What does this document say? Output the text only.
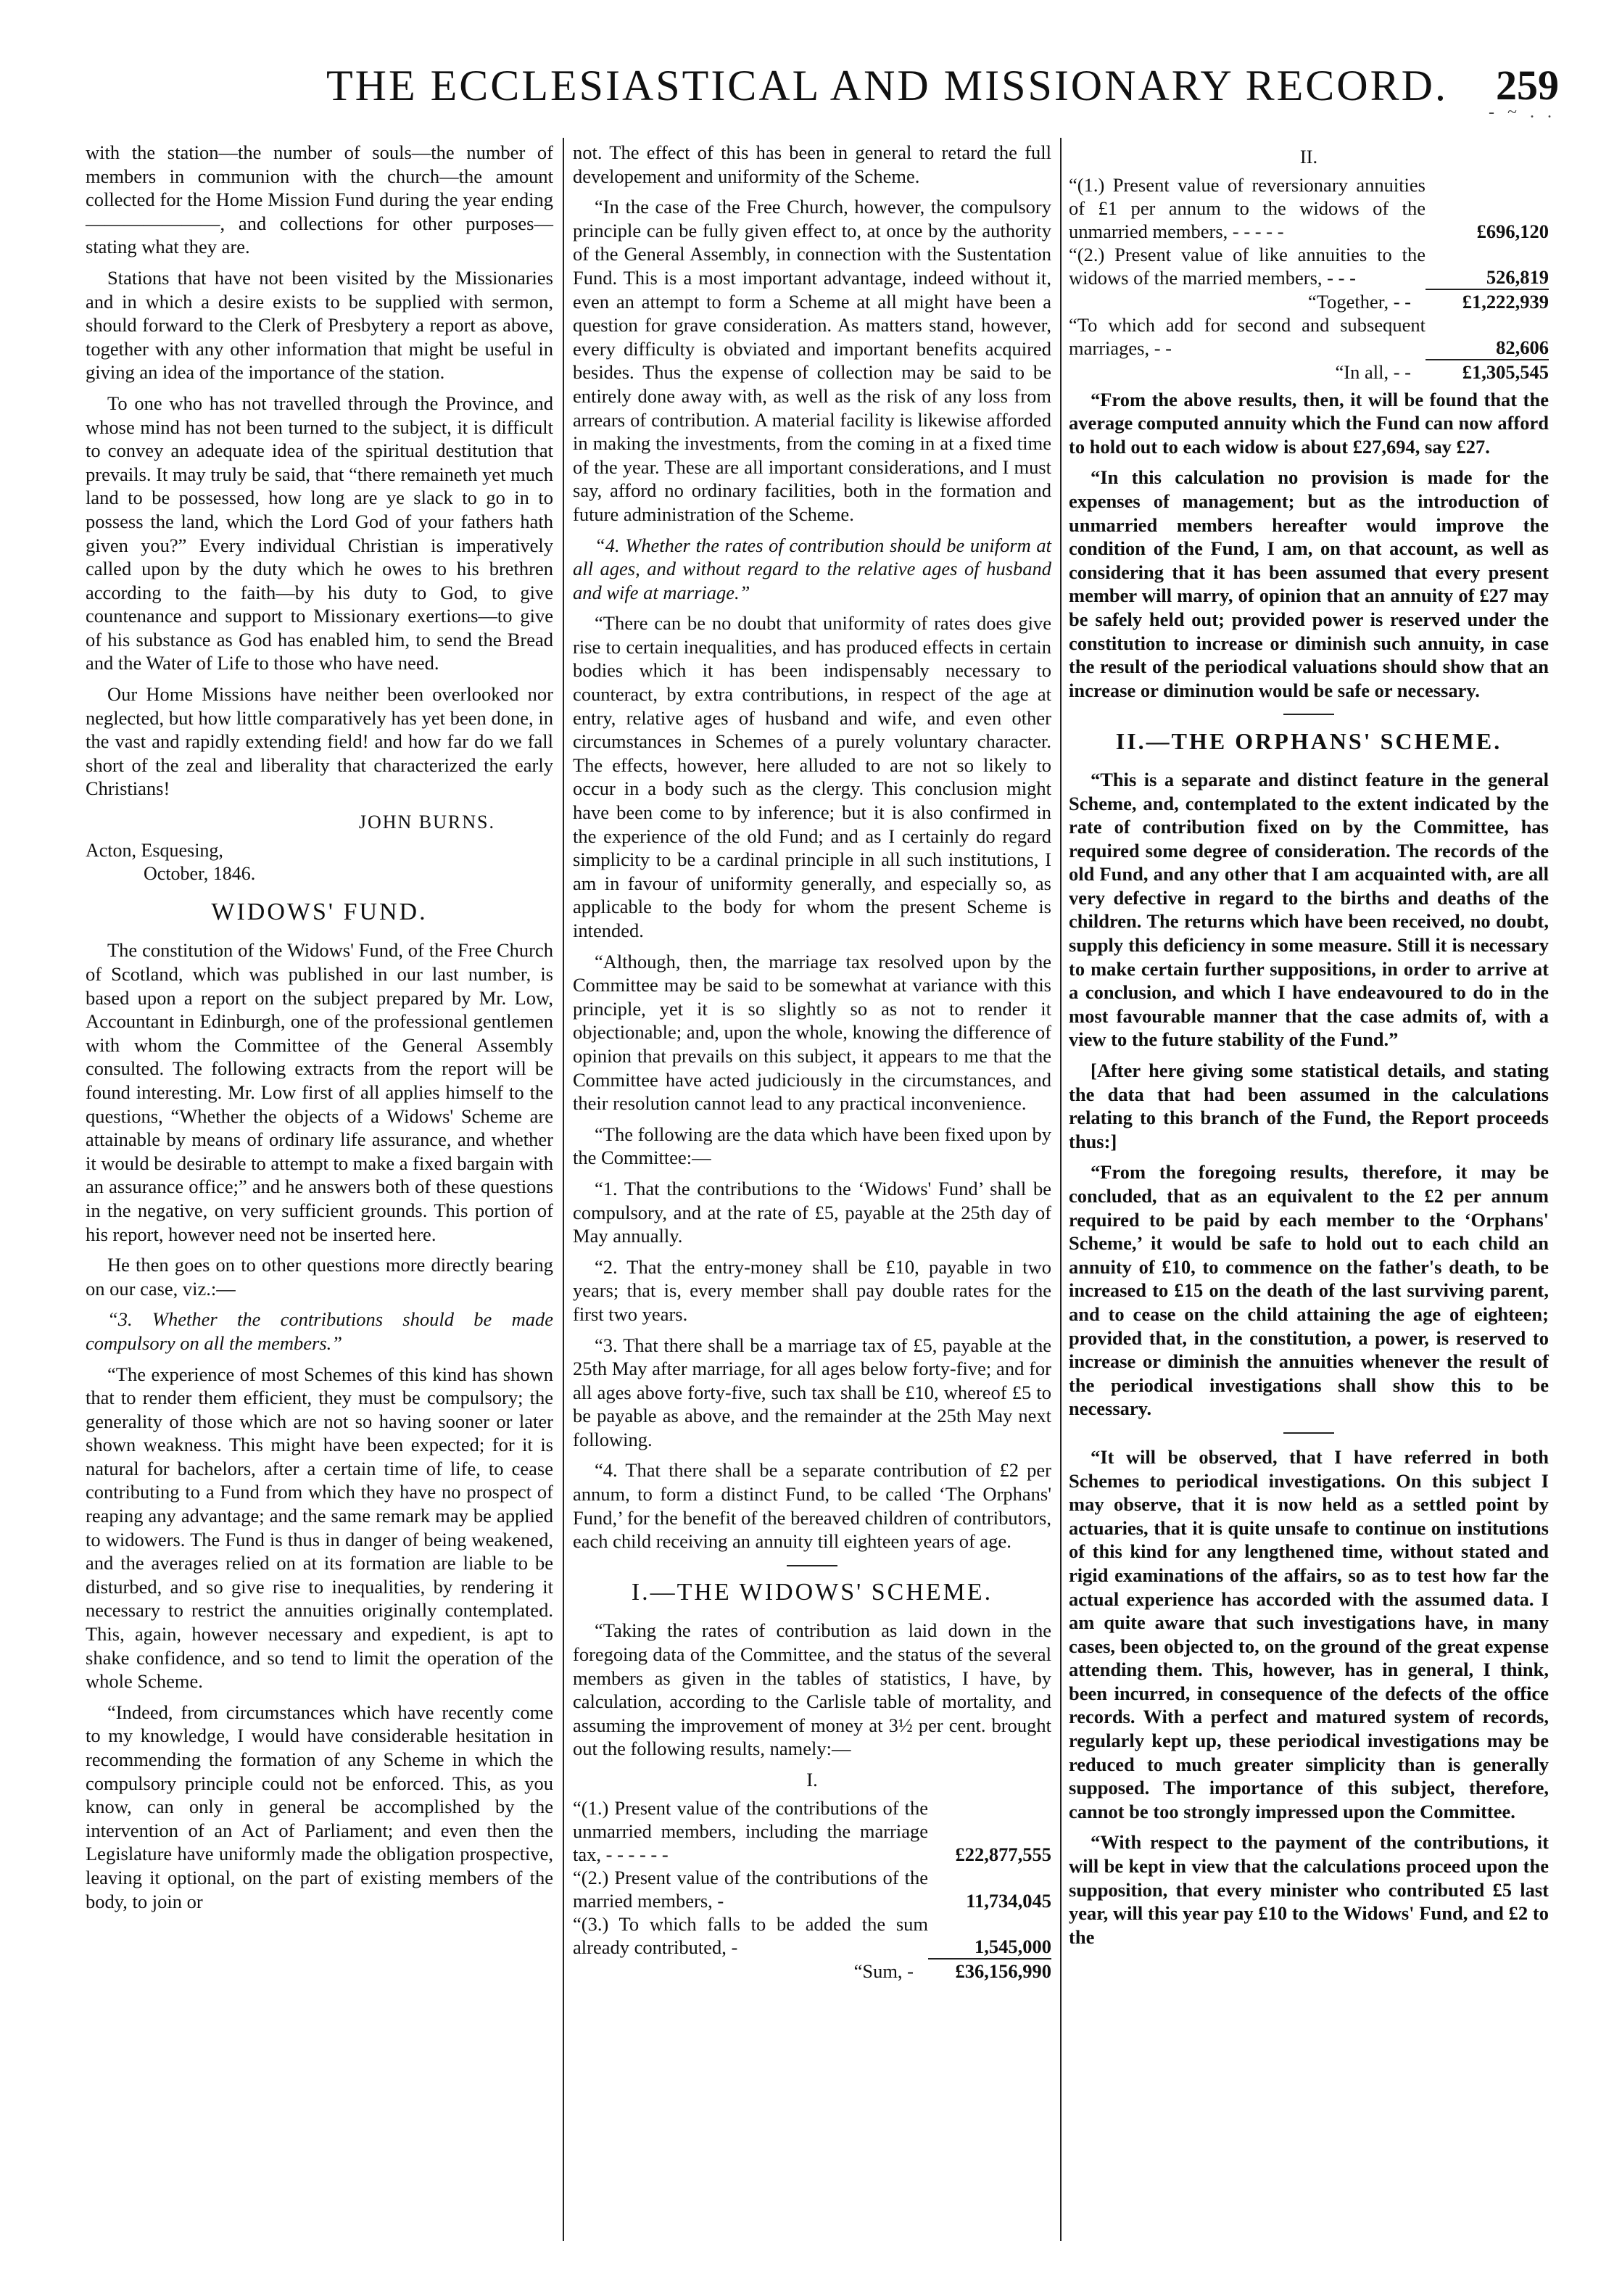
THE ECCLESIASTICAL AND MISSIONARY RECORD. 259
- ~ . .

with the station—the number of souls—the number of members in communion with the church—the amount collected for the Home Mission Fund during the year ending ———————, and collections for other purposes—stating what they are.

Stations that have not been visited by the Missionaries and in which a desire exists to be supplied with sermon, should forward to the Clerk of Presbytery a report as above, together with any other information that might be useful in giving an idea of the importance of the station.

To one who has not travelled through the Province, and whose mind has not been turned to the subject, it is difficult to convey an adequate idea of the spiritual destitution that prevails. It may truly be said, that “there remaineth yet much land to be possessed, how long are ye slack to go in to possess the land, which the Lord God of your fathers hath given you?” Every individual Christian is imperatively called upon by the duty which he owes to his brethren according to the faith—by his duty to God, to give countenance and support to Missionary exertions—to give of his substance as God has enabled him, to send the Bread and the Water of Life to those who have need.

Our Home Missions have neither been overlooked nor neglected, but how little comparatively has yet been done, in the vast and rapidly extending field! and how far do we fall short of the zeal and liberality that characterized the early Christians!

JOHN BURNS.
Acton, Esquesing,
October, 1846.
WIDOWS' FUND.

The constitution of the Widows' Fund, of the Free Church of Scotland, which was published in our last number, is based upon a report on the subject prepared by Mr. Low, Accountant in Edinburgh, one of the professional gentlemen with whom the Committee of the General Assembly consulted. The following extracts from the report will be found interesting. Mr. Low first of all applies himself to the questions, “Whether the objects of a Widows' Scheme are attainable by means of ordinary life assurance, and whether it would be desirable to attempt to make a fixed bargain with an assurance office;” and he answers both of these questions in the negative, on very sufficient grounds. This portion of his report, however need not be inserted here.

He then goes on to other questions more directly bearing on our case, viz.:—

“3. Whether the contributions should be made compulsory on all the members.”

“The experience of most Schemes of this kind has shown that to render them efficient, they must be compulsory; the generality of those which are not so having sooner or later shown weakness. This might have been expected; for it is natural for bachelors, after a certain time of life, to cease contributing to a Fund from which they have no prospect of reaping any advantage; and the same remark may be applied to widowers. The Fund is thus in danger of being weakened, and the averages relied on at its formation are liable to be disturbed, and so give rise to inequalities, by rendering it necessary to restrict the annuities originally contemplated. This, again, however necessary and expedient, is apt to shake confidence, and so tend to limit the operation of the whole Scheme.

“Indeed, from circumstances which have recently come to my knowledge, I would have considerable hesitation in recommending the formation of any Scheme in which the compulsory principle could not be enforced. This, as you know, can only in general be accomplished by the intervention of an Act of Parliament; and even then the Legislature have uniformly made the obligation prospective, leaving it optional, on the part of existing members of the body, to join or

not. The effect of this has been in general to retard the full developement and uniformity of the Scheme.

“In the case of the Free Church, however, the compulsory principle can be fully given effect to, at once by the authority of the General Assembly, in connection with the Sustentation Fund. This is a most important advantage, indeed without it, even an attempt to form a Scheme at all might have been a question for grave consideration. As matters stand, however, every difficulty is obviated and important benefits acquired besides. Thus the expense of collection may be said to be entirely done away with, as well as the risk of any loss from arrears of contribution. A material facility is likewise afforded in making the investments, from the coming in at a fixed time of the year. These are all important considerations, and I must say, afford no ordinary facilities, both in the formation and future administration of the Scheme.

“4. Whether the rates of contribution should be uniform at all ages, and without regard to the relative ages of husband and wife at marriage.”

“There can be no doubt that uniformity of rates does give rise to certain inequalities, and has produced effects in certain bodies which it has been indispensably necessary to counteract, by extra contributions, in respect of the age at entry, relative ages of husband and wife, and even other circumstances in Schemes of a purely voluntary character. The effects, however, here alluded to are not so likely to occur in a body such as the clergy. This conclusion might have been come to by inference; but it is also confirmed in the experience of the old Fund; and as I certainly do regard simplicity to be a cardinal principle in all such institutions, I am in favour of uniformity generally, and especially so, as applicable to the body for whom the present Scheme is intended.

“Although, then, the marriage tax resolved upon by the Committee may be said to be somewhat at variance with this principle, yet it is so slightly so as not to render it objectionable; and, upon the whole, knowing the difference of opinion that prevails on this subject, it appears to me that the Committee have acted judiciously in the circumstances, and their resolution cannot lead to any practical inconvenience.

“The following are the data which have been fixed upon by the Committee:—

“1. That the contributions to the ‘Widows' Fund’ shall be compulsory, and at the rate of £5, payable at the 25th day of May annually.

“2. That the entry-money shall be £10, payable in two years; that is, every member shall pay double rates for the first two years.

“3. That there shall be a marriage tax of £5, payable at the 25th May after marriage, for all ages below forty-five; and for all ages above forty-five, such tax shall be £10, whereof £5 to be payable as above, and the remainder at the 25th May next following.

“4. That there shall be a separate contribution of £2 per annum, to form a distinct Fund, to be called ‘The Orphans' Fund,’ for the benefit of the bereaved children of contributors, each child receiving an annuity till eighteen years of age.

I.—THE WIDOWS' SCHEME.

“Taking the rates of contribution as laid down in the foregoing data of the Committee, and the status of the several members as given in the tables of statistics, I have, by calculation, according to the Carlisle table of mortality, and assuming the improvement of money at 3½ per cent. brought out the following results, namely:—

I.
“(1.) Present value of the contributions of the unmarried members, including the marriage tax, - - - - - -	£22,877,555
“(2.) Present value of the contributions of the married members, -	11,734,045
“(3.) To which falls to be added the sum already contributed, -	1,545,000
“Sum, -	£36,156,990
II.
“(1.) Present value of reversionary annuities of £1 per annum to the widows of the unmarried members, - - - - -	£696,120
“(2.) Present value of like annuities to the widows of the married members, - - -	526,819
“Together, - -	£1,222,939
“To which add for second and subsequent marriages, - -	82,606
“In all, - -	£1,305,545

“From the above results, then, it will be found that the average computed annuity which the Fund can now afford to hold out to each widow is about £27,694, say £27.

“In this calculation no provision is made for the expenses of management; but as the introduction of unmarried members hereafter would improve the condition of the Fund, I am, on that account, as well as considering that it has been assumed that every present member will marry, of opinion that an annuity of £27 may be safely held out; provided power is reserved under the constitution to increase or diminish such annuity, in case the result of the periodical valuations should show that an increase or diminution would be safe or necessary.

II.—THE ORPHANS' SCHEME.

“This is a separate and distinct feature in the general Scheme, and, contemplated to the extent indicated by the rate of contribution fixed on by the Committee, has required some degree of consideration. The records of the old Fund, and any other that I am acquainted with, are all very defective in regard to the births and deaths of the children. The returns which have been received, no doubt, supply this deficiency in some measure. Still it is necessary to make certain further suppositions, in order to arrive at a conclusion, and which I have endeavoured to do in the most favourable manner that the case admits of, with a view to the future stability of the Fund.”

[After here giving some statistical details, and stating the data that had been assumed in the calculations relating to this branch of the Fund, the Report proceeds thus:]

“From the foregoing results, therefore, it may be concluded, that as an equivalent to the £2 per annum required to be paid by each member to the ‘Orphans' Scheme,’ it would be safe to hold out to each child an annuity of £10, to commence on the father's death, to be increased to £15 on the death of the last surviving parent, and to cease on the child attaining the age of eighteen; provided that, in the constitution, a power, is reserved to increase or diminish the annuities whenever the result of the periodical investigations shall show this to be necessary.

“It will be observed, that I have referred in both Schemes to periodical investigations. On this subject I may observe, that it is now held as a settled point by actuaries, that it is quite unsafe to continue on institutions of this kind for any lengthened time, without stated and rigid examinations of the affairs, so as to test how far the actual experience has accorded with the assumed data. I am quite aware that such investigations have, in many cases, been objected to, on the ground of the great expense attending them. This, however, has in general, I think, been incurred, in consequence of the defects of the office records. With a perfect and matured system of records, regularly kept up, these periodical investigations may be reduced to much greater simplicity than is generally supposed. The importance of this subject, therefore, cannot be too strongly impressed upon the Committee.

“With respect to the payment of the contributions, it will be kept in view that the calculations proceed upon the supposition, that every minister who contributed £5 last year, will this year pay £10 to the Widows' Fund, and £2 to the
